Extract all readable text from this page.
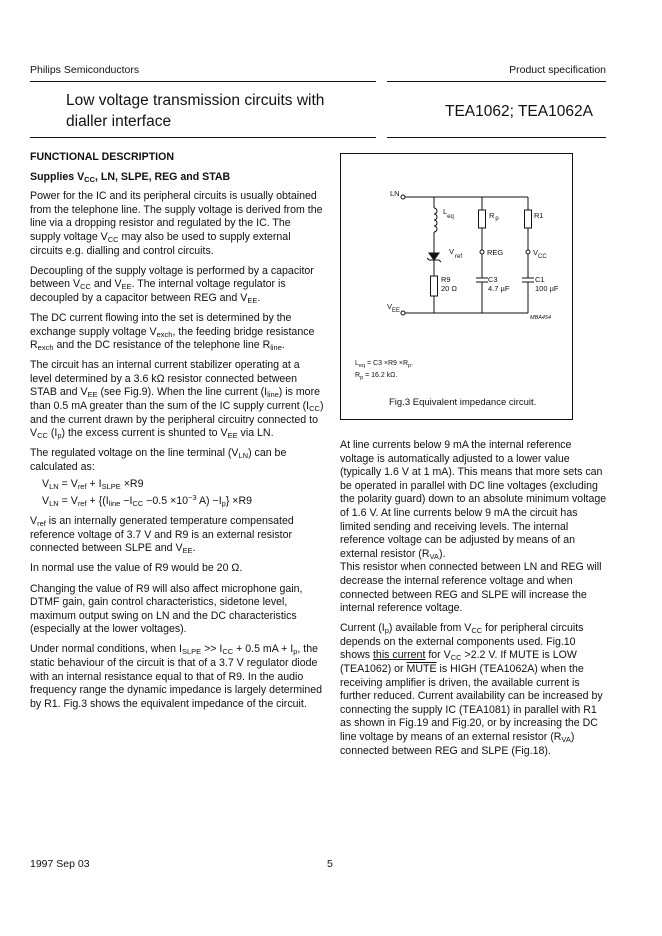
Philips Semiconductors	Product specification
Low voltage transmission circuits with
dialler interface
TEA1062; TEA1062A
FUNCTIONAL DESCRIPTION
Supplies $V_{CC}$, LN, SLPE, REG and STAB

Power for the IC and its peripheral circuits is usually obtained from the telephone line. The supply voltage is derived from the line via a dropping resistor and regulated by the IC. The supply voltage $V_{CC}$ may also be used to supply external circuits e.g. dialling and control circuits.

Decoupling of the supply voltage is performed by a capacitor between $V_{CC}$ and $V_{EE}$. The internal voltage regulator is decoupled by a capacitor between REG and $V_{EE}$.

The DC current flowing into the set is determined by the exchange supply voltage $V_{exch}$, the feeding bridge resistance $R_{exch}$ and the DC resistance of the telephone line $R_{line}$.

The circuit has an internal current stabilizer operating at a level determined by a 3.6 kΩ resistor connected between STAB and $V_{EE}$ (see Fig.9). When the line current $(I_{line})$ is more than 0.5 mA greater than the sum of the IC supply current $(I_{CC})$ and the current drawn by the peripheral circuitry connected to $V_{CC}$ $(I_p)$ the excess current is shunted to $V_{EE}$ via LN.

The regulated voltage on the line terminal $(V_{LN})$ can be calculated as:

$V_{LN} = V_{ref} + I_{SLPE} \times R9$

$V_{LN} = V_{ref} + \{(I_{line} -I_{CC} -0.5 \times 10^{-3}$ $A) -I_p\} \times R9$

$V_{ref}$ is an internally generated temperature compensated reference voltage of 3.7 V and R9 is an external resistor connected between SLPE and $V_{EE}$.

In normal use the value of R9 would be 20 Ω.

Changing the value of R9 will also affect microphone gain, DTMF gain, gain control characteristics, sidetone level, maximum output swing on LN and the DC characteristics (especially at the lower voltages).

Under normal conditions, when $I_{SLPE} >> I_{CC} + 0.5$ mA + $I_p$, the static behaviour of the circuit is that of a 3.7 V regulator diode with an internal resistance equal to that of R9. In the audio frequency range the dynamic impedance is largely determined by R1. Fig.3 shows the equivalent impedance of the circuit.

LN
$V_{EE}$
$L_{eq}$	$R_p$	R1
$V_{ref}$	REG	$V_{CC}$
R9
20 Ω
C3
4.7 µF
C1
100 µF
MBA454
$L_{eq} = C3 \times R9 \times R_p$.
$R_p = 16.2$ kΩ.
Fig.3 Equivalent impedance circuit.

At line currents below 9 mA the internal reference voltage is automatically adjusted to a lower value (typically 1.6 V at 1 mA). This means that more sets can be operated in parallel with DC line voltages (excluding the polarity guard) down to an absolute minimum voltage of 1.6 V. At line currents below 9 mA the circuit has limited sending and receiving levels. The internal reference voltage can be adjusted by means of an external resistor $(R_{VA})$.

This resistor when connected between LN and REG will decrease the internal reference voltage and when connected between REG and SLPE will increase the internal reference voltage.

Current $(I_p)$ available from $V_{CC}$ for peripheral circuits depends on the external components used. Fig.10 shows this current for $V_{CC} >2.2$ V. If MUTE is LOW (TEA1062) or MUTE is HIGH (TEA1062A) when the receiving amplifier is driven, the available current is further reduced. Current availability can be increased by connecting the supply IC (TEA1081) in parallel with R1 as shown in Fig.19 and Fig.20, or by increasing the DC line voltage by means of an external resistor $(R_{VA})$ connected between REG and SLPE (Fig.18).

1997 Sep 03	5
